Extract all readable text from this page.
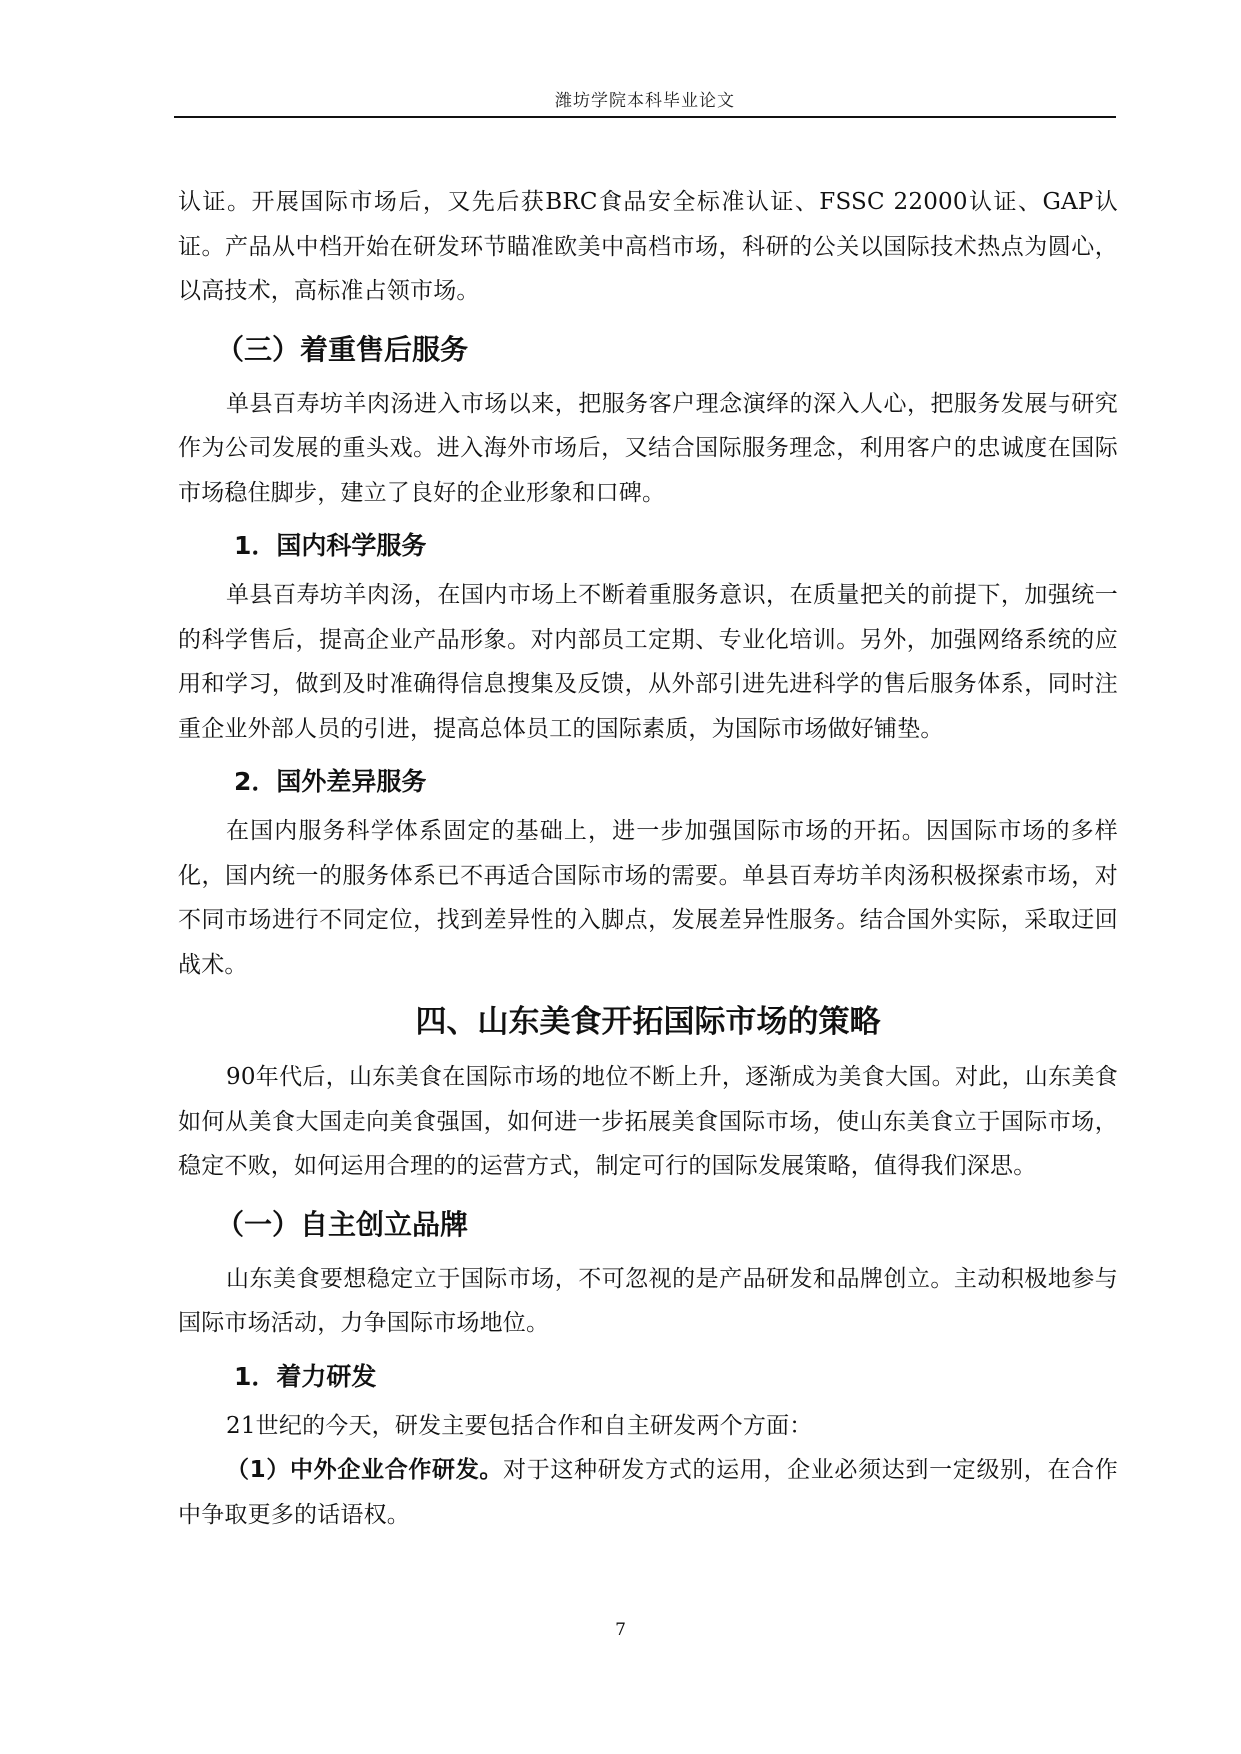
潍坊学院本科毕业论文

认证。开展国际市场后，又先后获BRC食品安全标准认证、FSSC 22000认证、GAP认证。产品从中档开始在研发环节瞄准欧美中高档市场，科研的公关以国际技术热点为圆心，以高技术，高标准占领市场。

（三）着重售后服务

单县百寿坊羊肉汤进入市场以来，把服务客户理念演绎的深入人心，把服务发展与研究作为公司发展的重头戏。进入海外市场后，又结合国际服务理念，利用客户的忠诚度在国际市场稳住脚步，建立了良好的企业形象和口碑。

1．国内科学服务

单县百寿坊羊肉汤，在国内市场上不断着重服务意识，在质量把关的前提下，加强统一的科学售后，提高企业产品形象。对内部员工定期、专业化培训。另外，加强网络系统的应用和学习，做到及时准确得信息搜集及反馈，从外部引进先进科学的售后服务体系，同时注重企业外部人员的引进，提高总体员工的国际素质，为国际市场做好铺垫。

2．国外差异服务

在国内服务科学体系固定的基础上，进一步加强国际市场的开拓。因国际市场的多样化，国内统一的服务体系已不再适合国际市场的需要。单县百寿坊羊肉汤积极探索市场，对不同市场进行不同定位，找到差异性的入脚点，发展差异性服务。结合国外实际，采取迂回战术。

四、山东美食开拓国际市场的策略

90年代后，山东美食在国际市场的地位不断上升，逐渐成为美食大国。对此，山东美食如何从美食大国走向美食强国，如何进一步拓展美食国际市场，使山东美食立于国际市场，稳定不败，如何运用合理的的运营方式，制定可行的国际发展策略，值得我们深思。

（一）自主创立品牌

山东美食要想稳定立于国际市场，不可忽视的是产品研发和品牌创立。主动积极地参与国际市场活动，力争国际市场地位。

1．着力研发

21世纪的今天，研发主要包括合作和自主研发两个方面：

（1）中外企业合作研发。对于这种研发方式的运用，企业必须达到一定级别，在合作中争取更多的话语权。

7
